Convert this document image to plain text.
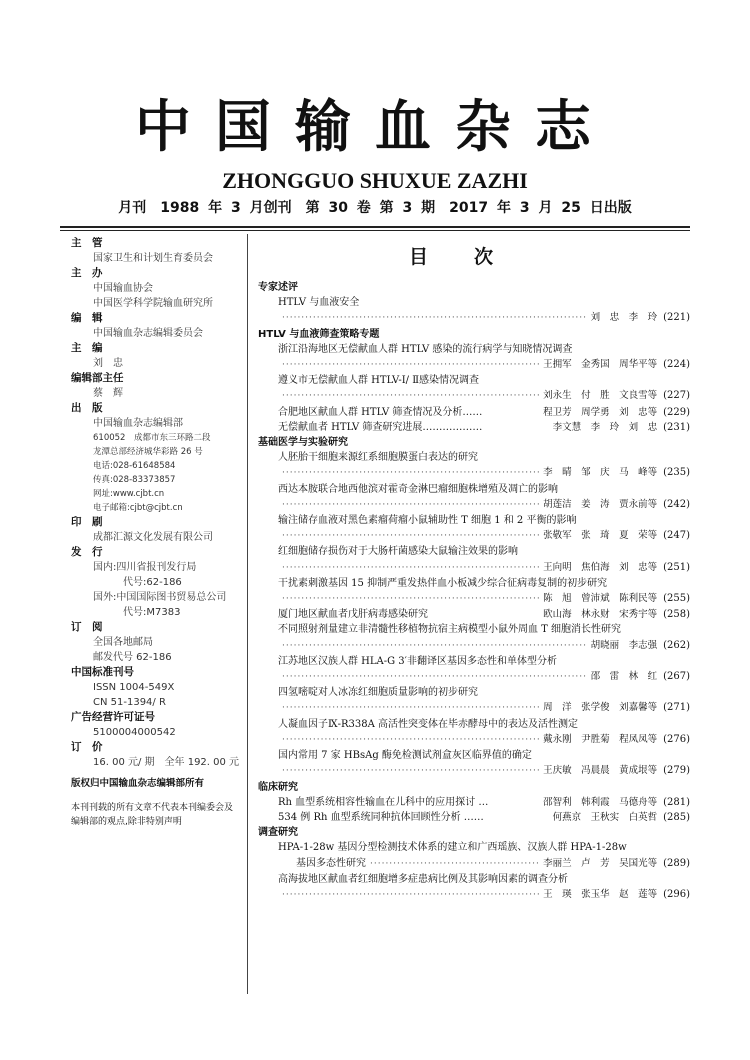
中国输血杂志
ZHONGGUO SHUXUE ZAZHI
月刊　1988 年 3 月创刊　第 30 卷 第 3 期　2017 年 3 月 25 日出版
主　管
国家卫生和计划生育委员会
主　办
中国输血协会
中国医学科学院输血研究所
编　辑
中国输血杂志编辑委员会
主　编
刘　忠
编辑部主任
蔡　辉
出　版
中国输血杂志编辑部
610052　成都市东三环路二段
龙潭总部经济城华彩路 26 号
电话:028-61648584
传真:028-83373857
网址:www.cjbt.cn
电子邮箱:cjbt@cjbt.cn
印　刷
成都汇源文化发展有限公司
发　行
国内:四川省报刊发行局
　　　代号:62-186
国外:中国国际图书贸易总公司
　　　代号:M7383
订　阅
全国各地邮局
邮发代号 62-186
中国标准刊号
ISSN 1004-549X
CN 51-1394/ R
广告经营许可证号
5100004000542
订　价
16. 00 元/ 期　全年 192. 00 元
版权归中国输血杂志编辑部所有
本刊刊载的所有文章不代表本刊编委会及编辑部的观点,除非特别声明
目次
专家述评
HTLV 与血液安全
·····
刘　忠　李　玲 (221)
HTLV 与血液筛查策略专题
浙江沿海地区无偿献血人群 HTLV 感染的流行病学与知晓情况调查
·····
王拥军　金秀国　周华平等 (224)
遵义市无偿献血人群 HTLV-Ⅰ/ Ⅱ感染情况调查
·····
刘永生　付　胜　文良雪等 (227)
合肥地区献血人群 HTLV 筛查情况及分析……	程卫芳　周学勇　刘　忠等 (229)
无偿献血者 HTLV 筛查研究进展………………	李文慧　李　玲　刘　忠 (231)
基础医学与实验研究
人胚胎干细胞来源红系细胞膜蛋白表达的研究
·····
李　晴　邹　庆　马　峰等 (235)
西达本胺联合地西他滨对霍奇金淋巴瘤细胞株增殖及凋亡的影响
·····
胡莲洁　姜　涛　贾永前等 (242)
输注储存血液对黑色素瘤荷瘤小鼠辅助性 T 细胞 1 和 2 平衡的影响
·····
张敬军　张　琦　夏　荣等 (247)
红细胞储存损伤对于大肠杆菌感染大鼠输注效果的影响
·····
王向明　焦伯海　刘　忠等 (251)
干扰素刺激基因 15 抑制严重发热伴血小板减少综合征病毒复制的初步研究
·····
陈　旭　曾沛斌　陈利民等 (255)
厦门地区献血者戊肝病毒感染研究	欧山海　林永财　宋秀宇等 (258)
不同照射剂量建立非清髓性移植物抗宿主病模型小鼠外周血 T 细胞消长性研究
·····
胡晓丽　李志强 (262)
江苏地区汉族人群 HLA-G 3′非翻译区基因多态性和单体型分析
·····
邵　雷　林　红 (267)
四氢嘧啶对人冰冻红细胞质量影响的初步研究
·····
周　洋　张学俊　刘嘉馨等 (271)
人凝血因子Ⅸ-R338A 高活性突变体在毕赤酵母中的表达及活性测定
·····
戴永刚　尹胜菊　程凤凤等 (276)
国内常用 7 家 HBsAg 酶免检测试剂盒灰区临界值的确定
·····
王庆敏　冯晨晨　黄成垠等 (279)
临床研究
Rh 血型系统相容性输血在儿科中的应用探讨 …	邵智利　韩利霞　马德舟等 (281)
534 例 Rh 血型系统同种抗体回顾性分析 ……	何燕京　王秋实　白英哲 (285)
调查研究
HPA-1-28w 基因分型检测技术体系的建立和广西瑶族、汉族人群 HPA-1-28w
基因多态性研究
·····	李丽兰　卢　芳　吴国光等 (289)
高海拔地区献血者红细胞增多症患病比例及其影响因素的调查分析
·····
王　瑛　张玉华　赵　莲等 (296)
